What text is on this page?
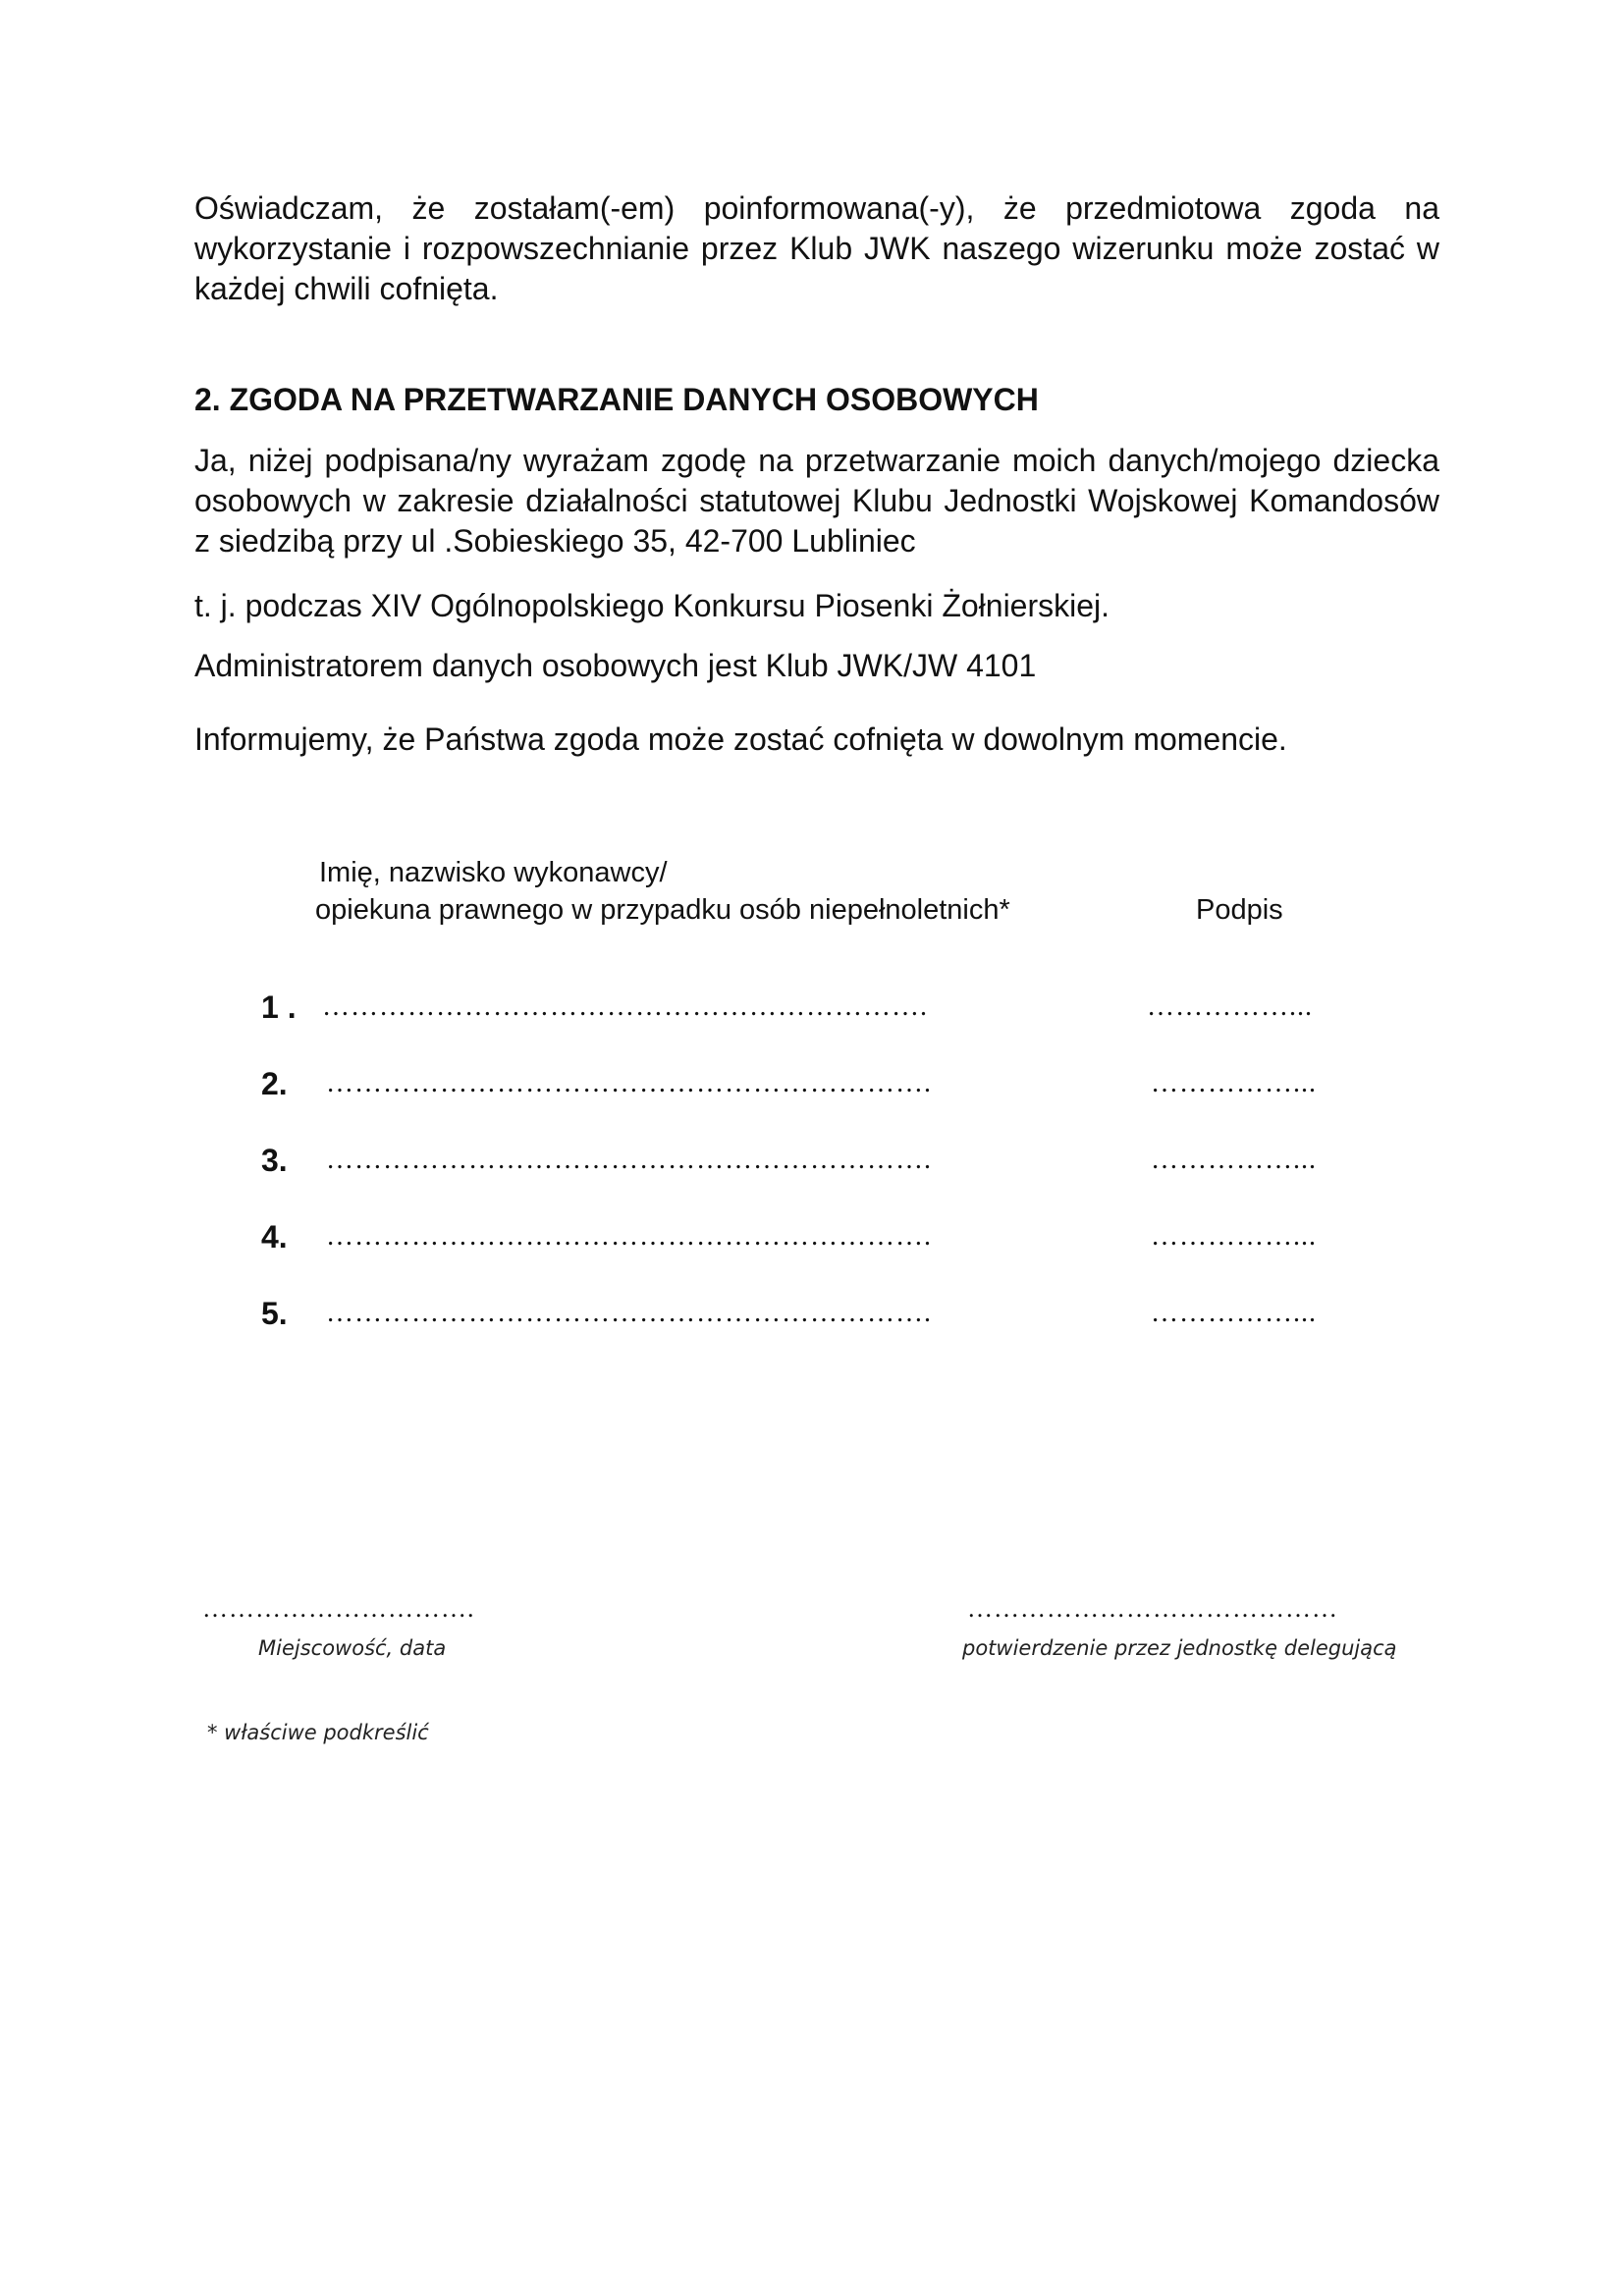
Oświadczam, że zostałam(-em) poinformowana(-y), że przedmiotowa zgoda na wykorzystanie i rozpowszechnianie przez Klub JWK naszego wizerunku może zostać w każdej chwili cofnięta.

2. ZGODA NA PRZETWARZANIE DANYCH OSOBOWYCH

Ja, niżej podpisana/ny wyrażam zgodę na przetwarzanie moich danych/mojego dziecka osobowych w zakresie działalności statutowej Klubu Jednostki Wojskowej Komandosów z siedzibą przy ul .Sobieskiego 35, 42-700 Lubliniec

t. j. podczas XIV Ogólnopolskiego Konkursu Piosenki Żołnierskiej.

Administratorem danych osobowych jest Klub JWK/JW 4101

Informujemy, że Państwa zgoda może zostać cofnięta w dowolnym momencie.

Imię, nazwisko wykonawcy/
opiekuna prawnego w przypadku osób niepełnoletnich*	Podpis
1 . ……………………………………………………….	……………...
2. ……………………………………………………….	……………...
3. ……………………………………………………….	……………...
4. ……………………………………………………….	……………...
5. ……………………………………………………….	……………...
………………………….
Miejscowość, data
……………………………………
potwierdzenie przez jednostkę delegującą
* właściwe podkreślić
